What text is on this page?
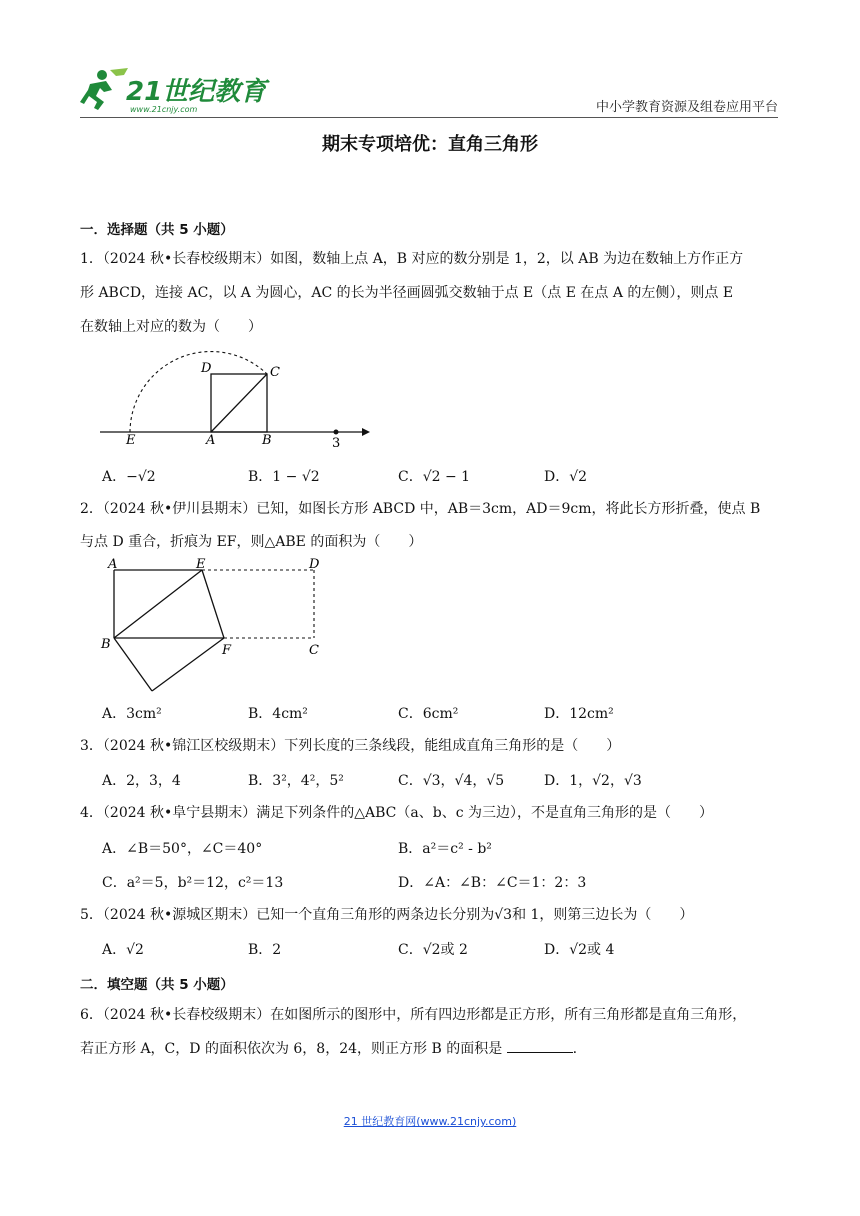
21世纪教育
www.21cnjy.com	中小学教育资源及组卷应用平台
期末专项培优：直角三角形
一．选择题（共 5 小题）
1．（2024 秋•长春校级期末）如图，数轴上点 A，B 对应的数分别是 1，2，以 AB 为边在数轴上方作正方
形 ABCD，连接 AC，以 A 为圆心，AC 的长为半径画圆弧交数轴于点 E（点 E 在点 A 的左侧），则点 E
在数轴上对应的数为（　　）
D	C
E	A	B	3
A．−√2	B．1 − √2	C．√2 − 1	D．√2
2．（2024 秋•伊川县期末）已知，如图长方形 ABCD 中，AB＝3cm，AD＝9cm，将此长方形折叠，使点 B
与点 D 重合，折痕为 EF，则△ABE 的面积为（　　）
A	E	D
B	F	C
A．3cm²	B．4cm²	C．6cm²	D．12cm²
3．（2024 秋•锦江区校级期末）下列长度的三条线段，能组成直角三角形的是（　　）
A．2，3，4	B．3²，4²，5²	C．√3，√4，√5	D．1，√2，√3
4．（2024 秋•阜宁县期末）满足下列条件的△ABC（a、b、c 为三边），不是直角三角形的是（　　）
A．∠B＝50°，∠C＝40°	B．a²＝c² - b²
C．a²＝5，b²＝12，c²＝13	D．∠A：∠B：∠C＝1：2：3
5．（2024 秋•源城区期末）已知一个直角三角形的两条边长分别为√3和 1，则第三边长为（　　）
A．√2	B．2	C．√2或 2	D．√2或 4
二．填空题（共 5 小题）
6．（2024 秋•长春校级期末）在如图所示的图形中，所有四边形都是正方形，所有三角形都是直角三角形，
若正方形 A，C，D 的面积依次为 6，8，24，则正方形 B 的面积是	.
21 世纪教育网(www.21cnjy.com)
